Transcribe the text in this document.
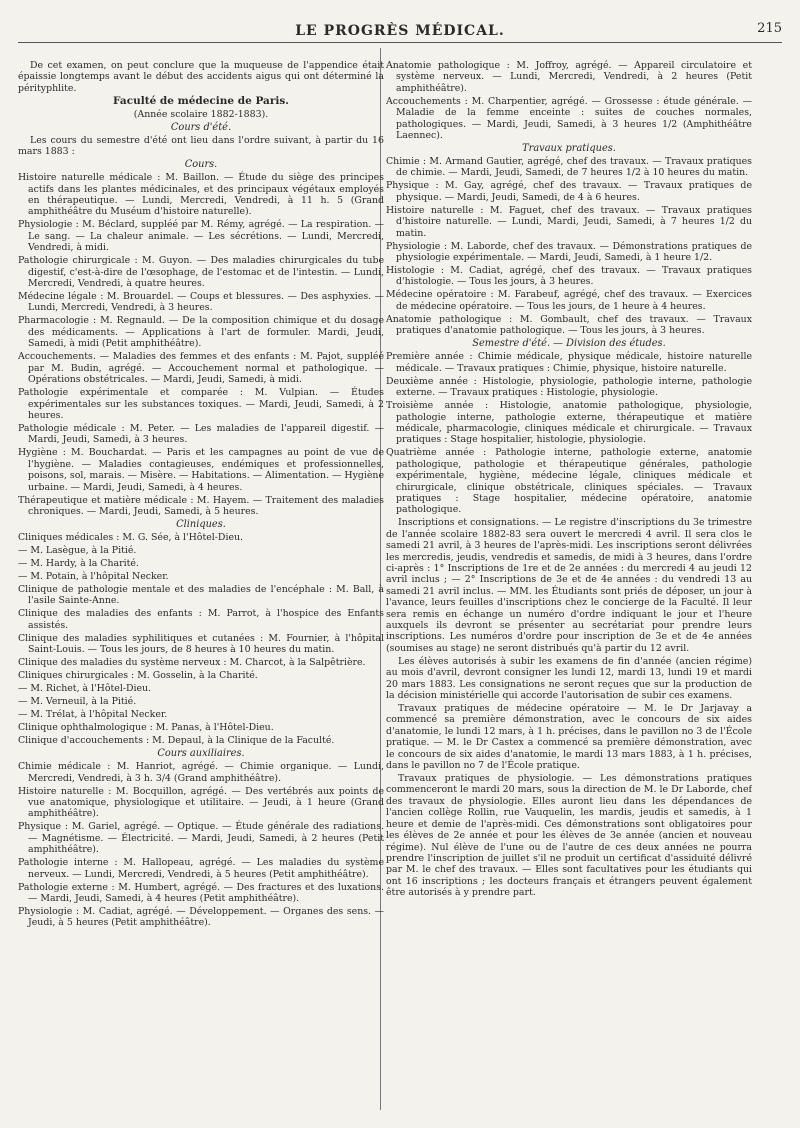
LE PROGRÈS MÉDICAL.	215

De cet examen, on peut conclure que la muqueuse de l'appendice était épaissie longtemps avant le début des accidents aigus qui ont déterminé la pérityphlite.

Faculté de médecine de Paris.

(Année scolaire 1882-1883).

Cours d'été.

Les cours du semestre d'été ont lieu dans l'ordre suivant, à partir du 16 mars 1883 :

Cours.

Histoire naturelle médicale : M. Baillon. — Étude du siège des principes actifs dans les plantes médicinales, et des principaux végétaux employés en thérapeutique. — Lundi, Mercredi, Vendredi, à 11 h. 5 (Grand amphithéâtre du Muséum d'histoire naturelle).

Physiologie : M. Béclard, suppléé par M. Rémy, agrégé. — La respiration. — Le sang. — La chaleur animale. — Les sécrétions. — Lundi, Mercredi, Vendredi, à midi.

Pathologie chirurgicale : M. Guyon. — Des maladies chirurgicales du tube digestif, c'est-à-dire de l'œsophage, de l'estomac et de l'intestin. — Lundi, Mercredi, Vendredi, à quatre heures.

Médecine légale : M. Brouardel. — Coups et blessures. — Des asphyxies. — Lundi, Mercredi, Vendredi, à 3 heures.

Pharmacologie : M. Regnauld. — De la composition chimique et du dosage des médicaments. — Applications à l'art de formuler. Mardi, Jeudi, Samedi, à midi (Petit amphithéâtre).

Accouchements. — Maladies des femmes et des enfants : M. Pajot, suppléé par M. Budin, agrégé. — Accouchement normal et pathologique. — Opérations obstétricales. — Mardi, Jeudi, Samedi, à midi.

Pathologie expérimentale et comparée : M. Vulpian. — Études expérimentales sur les substances toxiques. — Mardi, Jeudi, Samedi, à 2 heures.

Pathologie médicale : M. Peter. — Les maladies de l'appareil digestif. — Mardi, Jeudi, Samedi, à 3 heures.

Hygiène : M. Bouchardat. — Paris et les campagnes au point de vue de l'hygiène. — Maladies contagieuses, endémiques et professionnelles, poisons, sol, marais. — Misère. — Habitations. — Alimentation. — Hygiène urbaine. — Mardi, Jeudi, Samedi, à 4 heures.

Thérapeutique et matière médicale : M. Hayem. — Traitement des maladies chroniques. — Mardi, Jeudi, Samedi, à 5 heures.

Cliniques.

Cliniques médicales : M. G. Sée, à l'Hôtel-Dieu.

— M. Lasègue, à la Pitié.

— M. Hardy, à la Charité.

— M. Potain, à l'hôpital Necker.

Clinique de pathologie mentale et des maladies de l'encéphale : M. Ball, à l'asile Sainte-Anne.

Clinique des maladies des enfants : M. Parrot, à l'hospice des Enfants assistés.

Clinique des maladies syphilitiques et cutanées : M. Fournier, à l'hôpital Saint-Louis. — Tous les jours, de 8 heures à 10 heures du matin.

Clinique des maladies du système nerveux : M. Charcot, à la Salpêtrière.

Cliniques chirurgicales : M. Gosselin, à la Charité.

— M. Richet, à l'Hôtel-Dieu.

— M. Verneuil, à la Pitié.

— M. Trélat, à l'hôpital Necker.

Clinique ophthalmologique : M. Panas, à l'Hôtel-Dieu.

Clinique d'accouchements : M. Depaul, à la Clinique de la Faculté.

Cours auxiliaires.

Chimie médicale : M. Hanriot, agrégé. — Chimie organique. — Lundi, Mercredi, Vendredi, à 3 h. 3/4 (Grand amphithéâtre).

Histoire naturelle : M. Bocquillon, agrégé. — Des vertébrés aux points de vue anatomique, physiologique et utilitaire. — Jeudi, à 1 heure (Grand amphithéâtre).

Physique : M. Gariel, agrégé. — Optique. — Étude générale des radiations. — Magnétisme. — Électricité. — Mardi, Jeudi, Samedi, à 2 heures (Petit amphithéâtre).

Pathologie interne : M. Hallopeau, agrégé. — Les maladies du système nerveux. — Lundi, Mercredi, Vendredi, à 5 heures (Petit amphithéâtre).

Pathologie externe : M. Humbert, agrégé. — Des fractures et des luxations. — Mardi, Jeudi, Samedi, à 4 heures (Petit amphithéâtre).

Physiologie : M. Cadiat, agrégé. — Développement. — Organes des sens. — Jeudi, à 5 heures (Petit amphithéâtre).

Anatomie pathologique : M. Joffroy, agrégé. — Appareil circulatoire et système nerveux. — Lundi, Mercredi, Vendredi, à 2 heures (Petit amphithéâtre).

Accouchements : M. Charpentier, agrégé. — Grossesse : étude générale. — Maladie de la femme enceinte : suites de couches normales, pathologiques. — Mardi, Jeudi, Samedi, à 3 heures 1/2 (Amphithéâtre Laennec).

Travaux pratiques.

Chimie : M. Armand Gautier, agrégé, chef des travaux. — Travaux pratiques de chimie. — Mardi, Jeudi, Samedi, de 7 heures 1/2 à 10 heures du matin.

Physique : M. Gay, agrégé, chef des travaux. — Travaux pratiques de physique. — Mardi, Jeudi, Samedi, de 4 à 6 heures.

Histoire naturelle : M. Faguet, chef des travaux. — Travaux pratiques d'histoire naturelle. — Lundi, Mardi, Jeudi, Samedi, à 7 heures 1/2 du matin.

Physiologie : M. Laborde, chef des travaux. — Démonstrations pratiques de physiologie expérimentale. — Mardi, Jeudi, Samedi, à 1 heure 1/2.

Histologie : M. Cadiat, agrégé, chef des travaux. — Travaux pratiques d'histologie. — Tous les jours, à 3 heures.

Médecine opératoire : M. Farabeuf, agrégé, chef des travaux. — Exercices de médecine opératoire. — Tous les jours, de 1 heure à 4 heures.

Anatomie pathologique : M. Gombault, chef des travaux. — Travaux pratiques d'anatomie pathologique. — Tous les jours, à 3 heures.

Semestre d'été. — Division des études.

Première année : Chimie médicale, physique médicale, histoire naturelle médicale. — Travaux pratiques : Chimie, physique, histoire naturelle.

Deuxième année : Histologie, physiologie, pathologie interne, pathologie externe. — Travaux pratiques : Histologie, physiologie.

Troisième année : Histologie, anatomie pathologique, physiologie, pathologie interne, pathologie externe, thérapeutique et matière médicale, pharmacologie, cliniques médicale et chirurgicale. — Travaux pratiques : Stage hospitalier, histologie, physiologie.

Quatrième année : Pathologie interne, pathologie externe, anatomie pathologique, pathologie et thérapeutique générales, pathologie expérimentale, hygiène, médecine légale, cliniques médicale et chirurgicale, clinique obstétricale, cliniques spéciales. — Travaux pratiques : Stage hospitalier, médecine opératoire, anatomie pathologique.

Inscriptions et consignations. — Le registre d'inscriptions du 3e trimestre de l'année scolaire 1882-83 sera ouvert le mercredi 4 avril. Il sera clos le samedi 21 avril, à 3 heures de l'après-midi. Les inscriptions seront délivrées les mercredis, jeudis, vendredis et samedis, de midi à 3 heures, dans l'ordre ci-après : 1° Inscriptions de 1re et de 2e années : du mercredi 4 au jeudi 12 avril inclus ; — 2° Inscriptions de 3e et de 4e années : du vendredi 13 au samedi 21 avril inclus. — MM. les Étudiants sont priés de déposer, un jour à l'avance, leurs feuilles d'inscriptions chez le concierge de la Faculté. Il leur sera remis en échange un numéro d'ordre indiquant le jour et l'heure auxquels ils devront se présenter au secrétariat pour prendre leurs inscriptions. Les numéros d'ordre pour inscription de 3e et de 4e années (soumises au stage) ne seront distribués qu'à partir du 12 avril.

Les élèves autorisés à subir les examens de fin d'année (ancien régime) au mois d'avril, devront consigner les lundi 12, mardi 13, lundi 19 et mardi 20 mars 1883. Les consignations ne seront reçues que sur la production de la décision ministérielle qui accorde l'autorisation de subir ces examens.

Travaux pratiques de médecine opératoire — M. le Dr Jarjavay a commencé sa première démonstration, avec le concours de six aides d'anatomie, le lundi 12 mars, à 1 h. précises, dans le pavillon no 3 de l'École pratique. — M. le Dr Castex a commencé sa première démonstration, avec le concours de six aides d'anatomie, le mardi 13 mars 1883, à 1 h. précises, dans le pavillon no 7 de l'École pratique.

Travaux pratiques de physiologie. — Les démonstrations pratiques commenceront le mardi 20 mars, sous la direction de M. le Dr Laborde, chef des travaux de physiologie. Elles auront lieu dans les dépendances de l'ancien collège Rollin, rue Vauquelin, les mardis, jeudis et samedis, à 1 heure et demie de l'après-midi. Ces démonstrations sont obligatoires pour les élèves de 2e année et pour les élèves de 3e année (ancien et nouveau régime). Nul élève de l'une ou de l'autre de ces deux années ne pourra prendre l'inscription de juillet s'il ne produit un certificat d'assiduité délivré par M. le chef des travaux. — Elles sont facultatives pour les étudiants qui ont 16 inscriptions ; les docteurs français et étrangers peuvent également être autorisés à y prendre part.
